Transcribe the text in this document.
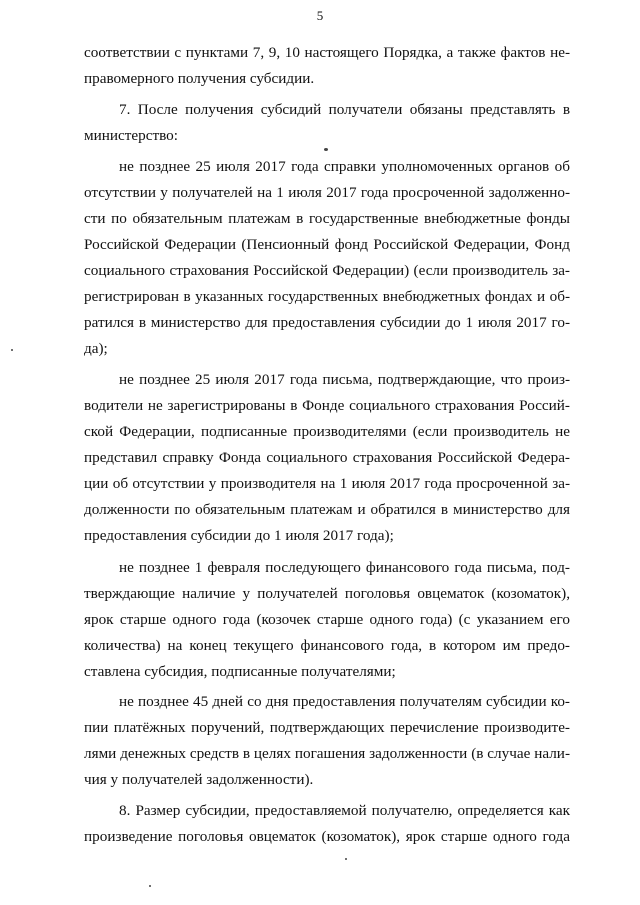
5
соответствии с пунктами 7, 9, 10 настоящего Порядка, а также фактов не-
правомерного получения субсидии.
7. После получения субсидий получатели обязаны представлять в
министерство:
не позднее 25 июля 2017 года справки уполномоченных органов об
отсутствии у получателей на 1 июля 2017 года просроченной задолженно-
сти по обязательным платежам в государственные внебюджетные фонды
Российской Федерации (Пенсионный фонд Российской Федерации, Фонд
социального страхования Российской Федерации) (если производитель за-
регистрирован в указанных государственных внебюджетных фондах и об-
ратился в министерство для предоставления субсидии до 1 июля 2017 го-
да);
не позднее 25 июля 2017 года письма, подтверждающие, что произ-
водители не зарегистрированы в Фонде социального страхования Россий-
ской Федерации, подписанные производителями (если производитель не
представил справку Фонда социального страхования Российской Федера-
ции об отсутствии у производителя на 1 июля 2017 года просроченной за-
долженности по обязательным платежам и обратился в министерство для
предоставления субсидии до 1 июля 2017 года);
не позднее 1 февраля последующего финансового года письма, под-
тверждающие наличие у получателей поголовья овцематок (козоматок),
ярок старше одного года (козочек старше одного года) (с указанием его
количества) на конец текущего финансового года, в котором им предо-
ставлена субсидия, подписанные получателями;
не позднее 45 дней со дня предоставления получателям субсидии ко-
пии платёжных поручений, подтверждающих перечисление производите-
лями денежных средств в целях погашения задолженности (в случае нали-
чия у получателей задолженности).
8. Размер субсидии, предоставляемой получателю, определяется как
произведение поголовья овцематок (козоматок), ярок старше одного года
